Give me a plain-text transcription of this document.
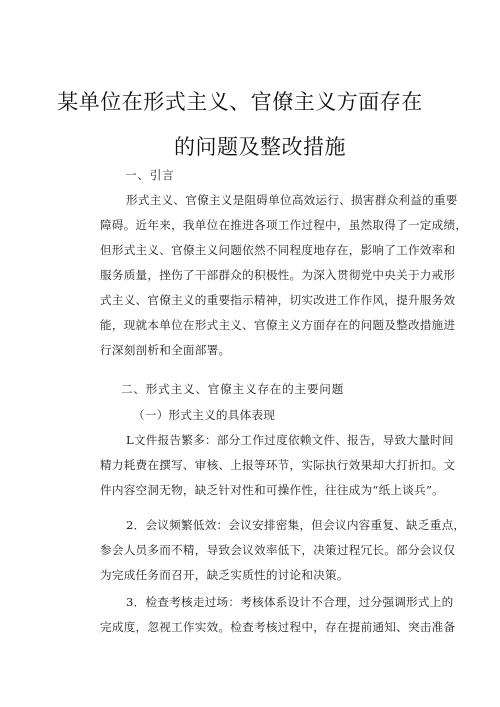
某单位在形式主义、官僚主义方面存在
的问题及整改措施
一、引言
形式主义、官僚主义是阻碍单位高效运行、损害群众利益的重要
障碍。近年来，我单位在推进各项工作过程中，虽然取得了一定成绩，
但形式主义、官僚主义问题依然不同程度地存在，影响了工作效率和
服务质量，挫伤了干部群众的积极性。为深入贯彻党中央关于力戒形
式主义、官僚主义的重要指示精神，切实改进工作作风，提升服务效
能，现就本单位在形式主义、官僚主义方面存在的问题及整改措施进
行深刻剖析和全面部署。
二、形式主义、官僚主义存在的主要问题
（一）形式主义的具体表现
L文件报告繁多：部分工作过度依赖文件、报告，导致大量时间
精力耗费在撰写、审核、上报等环节，实际执行效果却大打折扣。文
件内容空洞无物，缺乏针对性和可操作性，往往成为“纸上谈兵”。
2．会议频繁低效：会议安排密集，但会议内容重复、缺乏重点，
参会人员多而不精，导致会议效率低下，决策过程冗长。部分会议仅
为完成任务而召开，缺乏实质性的讨论和决策。
3．检查考核走过场：考核体系设计不合理，过分强调形式上的
完成度，忽视工作实效。检查考核过程中，存在提前通知、突击准备
